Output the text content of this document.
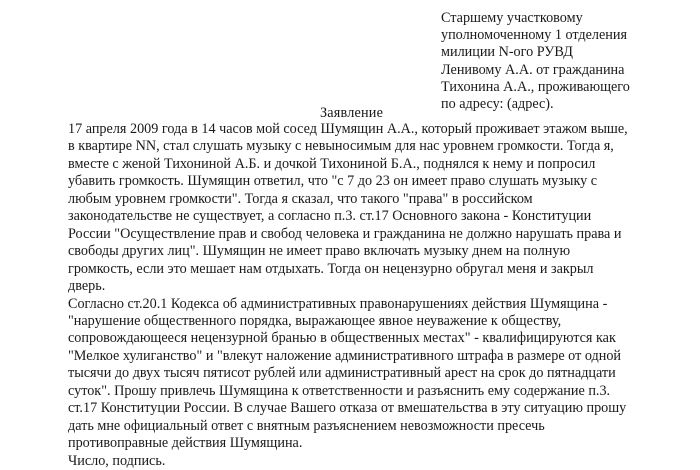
Старшему участковому
уполномоченному 1 отделения
милиции N-ого РУВД
Ленивому А.А. от гражданина
Тихонина А.А., проживающего
по адресу: (адрес).
Заявление
17 апреля 2009 года в 14 часов мой сосед Шумящин А.А., который проживает этажом выше,
в квартире NN, стал слушать музыку с невыносимым для нас уровнем громкости. Тогда я,
вместе с женой Тихониной А.Б. и дочкой Тихониной Б.А., поднялся к нему и попросил
убавить громкость. Шумящин ответил, что "с 7 до 23 он имеет право слушать музыку с
любым уровнем громкости". Тогда я сказал, что такого "права" в российском
законодательстве не существует, а согласно п.3. ст.17 Основного закона - Конституции
России "Осуществление прав и свобод человека и гражданина не должно нарушать права и
свободы других лиц". Шумящин не имеет право включать музыку днем на полную
громкость, если это мешает нам отдыхать. Тогда он нецензурно обругал меня и закрыл
дверь.
Согласно ст.20.1 Кодекса об административных правонарушениях действия Шумящина -
"нарушение общественного порядка, выражающее явное неуважение к обществу,
сопровождающееся нецензурной бранью в общественных местах" - квалифицируются как
"Мелкое хулиганство" и "влекут наложение административного штрафа в размере от одной
тысячи до двух тысяч пятисот рублей или административный арест на срок до пятнадцати
суток". Прошу привлечь Шумящина к ответственности и разъяснить ему содержание п.3.
ст.17 Конституции России. В случае Вашего отказа от вмешательства в эту ситуацию прошу
дать мне официальный ответ с внятным разъяснением невозможности пресечь
противоправные действия Шумящина.
Число, подпись.
